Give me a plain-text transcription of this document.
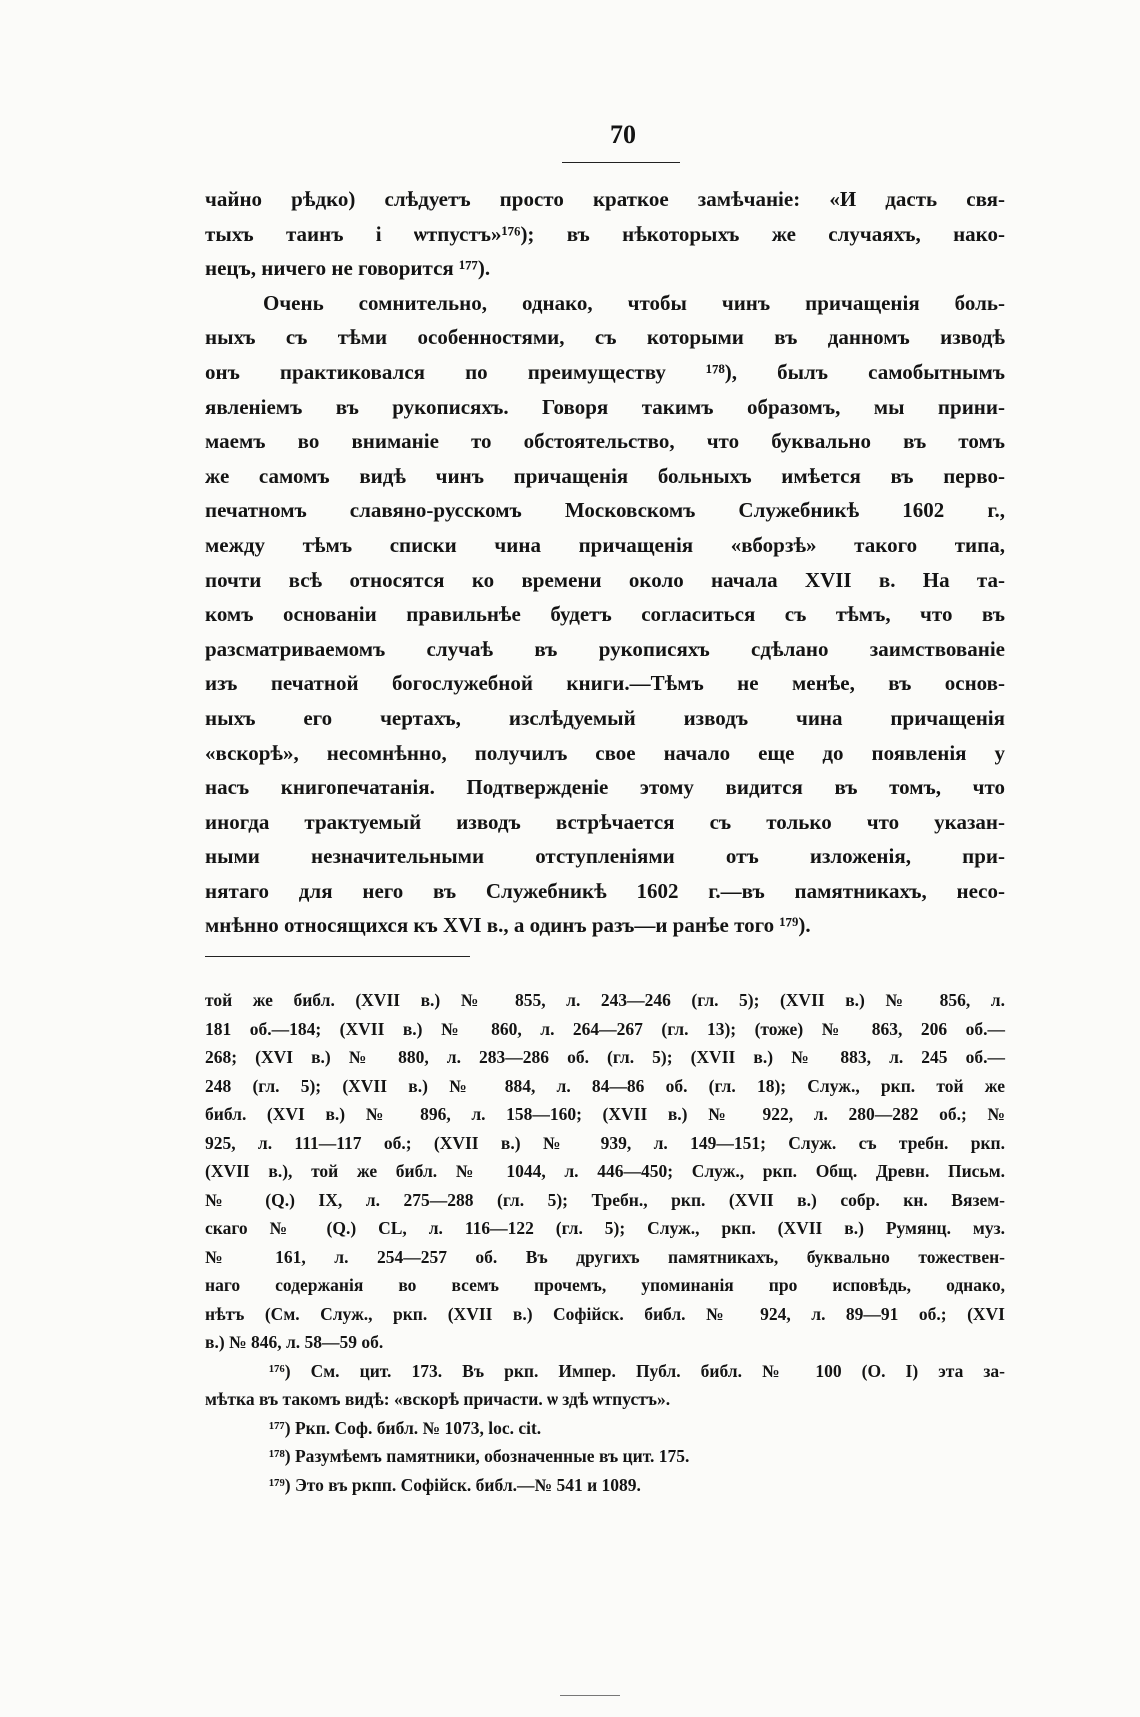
70
чайно рѣдко) слѣдуетъ просто краткое замѣчаніе: «И дасть свя-
тыхъ таинъ і ѡтпустъ»¹⁷⁶); въ нѣкоторыхъ же случаяхъ, нако-
нецъ, ничего не говорится ¹⁷⁷).
Очень сомнительно, однако, чтобы чинъ причащенія боль-
ныхъ съ тѣми особенностями, съ которыми въ данномъ изводѣ
онъ практиковался по преимуществу ¹⁷⁸), былъ самобытнымъ
явленіемъ въ рукописяхъ. Говоря такимъ образомъ, мы прини-
маемъ во вниманіе то обстоятельство, что буквально въ томъ
же самомъ видѣ чинъ причащенія больныхъ имѣется въ перво-
печатномъ славяно-русскомъ Московскомъ Служебникѣ 1602 г.,
между тѣмъ списки чина причащенія «вборзѣ» такого типа,
почти всѣ относятся ко времени около начала XVII в. На та-
комъ основаніи правильнѣе будетъ согласиться съ тѣмъ, что въ
разсматриваемомъ случаѣ въ рукописяхъ сдѣлано заимствованіе
изъ печатной богослужебной книги.—Тѣмъ не менѣе, въ основ-
ныхъ его чертахъ, изслѣдуемый изводъ чина причащенія
«вскорѣ», несомнѣнно, получилъ свое начало еще до появленія у
насъ книгопечатанія. Подтвержденіе этому видится въ томъ, что
иногда трактуемый изводъ встрѣчается съ только что указан-
ными незначительными отступленіями отъ изложенія, при-
нятаго для него въ Служебникѣ 1602 г.—въ памятникахъ, несо-
мнѣнно относящихся къ XVI в., а одинъ разъ—и ранѣе того ¹⁷⁹).
той же библ. (XVII в.) № 855, л. 243—246 (гл. 5); (XVII в.) № 856, л.
181 об.—184; (XVII в.) № 860, л. 264—267 (гл. 13); (тоже) № 863, 206 об.—
268; (XVI в.) № 880, л. 283—286 об. (гл. 5); (XVII в.) № 883, л. 245 об.—
248 (гл. 5); (XVII в.) № 884, л. 84—86 об. (гл. 18); Служ., ркп. той же
библ. (XVI в.) № 896, л. 158—160; (XVII в.) № 922, л. 280—282 об.; №
925, л. 111—117 об.; (XVII в.) № 939, л. 149—151; Служ. съ требн. ркп.
(XVII в.), той же библ. № 1044, л. 446—450; Служ., ркп. Общ. Древн. Письм.
№ (Q.) IX, л. 275—288 (гл. 5); Требн., ркп. (XVII в.) собр. кн. Вязем-
скаго № (Q.) CL, л. 116—122 (гл. 5); Служ., ркп. (XVII в.) Румянц. муз.
№ 161, л. 254—257 об. Въ другихъ памятникахъ, буквально тожествен-
наго содержанія во всемъ прочемъ, упоминанія про исповѣдь, однако,
нѣтъ (См. Служ., ркп. (XVII в.) Софійск. библ. № 924, л. 89—91 об.; (XVI
в.) № 846, л. 58—59 об.
¹⁷⁶) См. цит. 173. Въ ркп. Импер. Публ. библ. № 100 (О. I) эта за-
мѣтка въ такомъ видѣ: «вскорѣ причасти. ѡ здѣ ѡтпустъ».
¹⁷⁷) Ркп. Соф. библ. № 1073, loc. cit.
¹⁷⁸) Разумѣемъ памятники, обозначенные въ цит. 175.
¹⁷⁹) Это въ ркпп. Софійск. библ.—№ 541 и 1089.
